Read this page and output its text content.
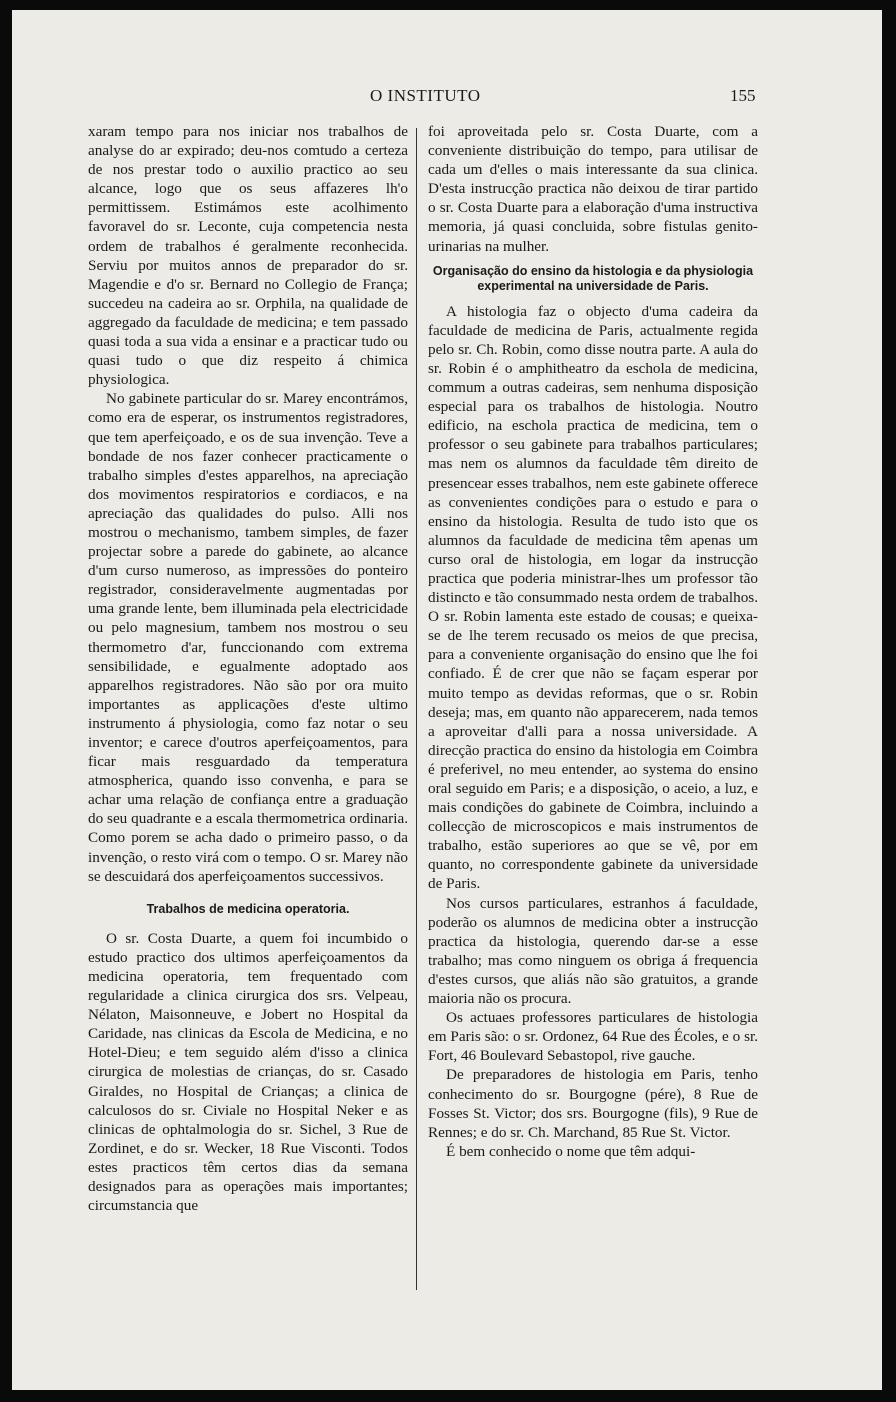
O INSTITUTO	155

xaram tempo para nos iniciar nos trabalhos de analyse do ar expirado; deu-nos comtudo a certeza de nos prestar todo o auxilio practico ao seu alcance, logo que os seus affazeres lh'o permittissem. Estimámos este acolhimento favoravel do sr. Leconte, cuja competencia nesta ordem de trabalhos é geralmente reconhecida. Serviu por muitos annos de preparador do sr. Magendie e d'o sr. Bernard no Collegio de França; succedeu na cadeira ao sr. Orphila, na qualidade de aggregado da faculdade de medicina; e tem passado quasi toda a sua vida a ensinar e a practicar tudo ou quasi tudo o que diz respeito á chimica physiologica.

No gabinete particular do sr. Marey encontrámos, como era de esperar, os instrumentos registradores, que tem aperfeiçoado, e os de sua invenção. Teve a bondade de nos fazer conhecer practicamente o trabalho simples d'estes apparelhos, na apreciação dos movimentos respiratorios e cordiacos, e na apreciação das qualidades do pulso. Alli nos mostrou o mechanismo, tambem simples, de fazer projectar sobre a parede do gabinete, ao alcance d'um curso numeroso, as impressões do ponteiro registrador, consideravelmente augmentadas por uma grande lente, bem illuminada pela electricidade ou pelo magnesium, tambem nos mostrou o seu thermometro d'ar, funccionando com extrema sensibilidade, e egualmente adoptado aos apparelhos registradores. Não são por ora muito importantes as applicações d'este ultimo instrumento á physiologia, como faz notar o seu inventor; e carece d'outros aperfeiçoamentos, para ficar mais resguardado da temperatura atmospherica, quando isso convenha, e para se achar uma relação de confiança entre a graduação do seu quadrante e a escala thermometrica ordinaria. Como porem se acha dado o primeiro passo, o da invenção, o resto virá com o tempo. O sr. Marey não se descuidará dos aperfeiçoamentos successivos.

Trabalhos de medicina operatoria.

O sr. Costa Duarte, a quem foi incumbido o estudo practico dos ultimos aperfeiçoamentos da medicina operatoria, tem frequentado com regularidade a clinica cirurgica dos srs. Velpeau, Nélaton, Maisonneuve, e Jobert no Hospital da Caridade, nas clinicas da Escola de Medicina, e no Hotel-Dieu; e tem seguido além d'isso a clinica cirurgica de molestias de crianças, do sr. Casado Giraldes, no Hospital de Crianças; a clinica de calculosos do sr. Civiale no Hospital Neker e as clinicas de ophtalmologia do sr. Sichel, 3 Rue de Zordinet, e do sr. Wecker, 18 Rue Visconti. Todos estes practicos têm certos dias da semana designados para as operações mais importantes; circumstancia que

foi aproveitada pelo sr. Costa Duarte, com a conveniente distribuição do tempo, para utilisar de cada um d'elles o mais interessante da sua clinica. D'esta instrucção practica não deixou de tirar partido o sr. Costa Duarte para a elaboração d'uma instructiva memoria, já quasi concluida, sobre fistulas genito-urinarias na mulher.

Organisação do ensino da histologia e da physiologia experimental na universidade de Paris.

A histologia faz o objecto d'uma cadeira da faculdade de medicina de Paris, actualmente regida pelo sr. Ch. Robin, como disse noutra parte. A aula do sr. Robin é o amphitheatro da eschola de medicina, commum a outras cadeiras, sem nenhuma disposição especial para os trabalhos de histologia. Noutro edificio, na eschola practica de medicina, tem o professor o seu gabinete para trabalhos particulares; mas nem os alumnos da faculdade têm direito de presencear esses trabalhos, nem este gabinete offerece as convenientes condições para o estudo e para o ensino da histologia. Resulta de tudo isto que os alumnos da faculdade de medicina têm apenas um curso oral de histologia, em logar da instrucção practica que poderia ministrar-lhes um professor tão distincto e tão consummado nesta ordem de trabalhos. O sr. Robin lamenta este estado de cousas; e queixa-se de lhe terem recusado os meios de que precisa, para a conveniente organisação do ensino que lhe foi confiado. É de crer que não se façam esperar por muito tempo as devidas reformas, que o sr. Robin deseja; mas, em quanto não apparecerem, nada temos a aproveitar d'alli para a nossa universidade. A direcção practica do ensino da histologia em Coimbra é preferivel, no meu entender, ao systema do ensino oral seguido em Paris; e a disposição, o aceio, a luz, e mais condições do gabinete de Coimbra, incluindo a collecção de microscopicos e mais instrumentos de trabalho, estão superiores ao que se vê, por em quanto, no correspondente gabinete da universidade de Paris.

Nos cursos particulares, estranhos á faculdade, poderão os alumnos de medicina obter a instrucção practica da histologia, querendo dar-se a esse trabalho; mas como ninguem os obriga á frequencia d'estes cursos, que aliás não são gratuitos, a grande maioria não os procura.

Os actuaes professores particulares de histologia em Paris são: o sr. Ordonez, 64 Rue des Écoles, e o sr. Fort, 46 Boulevard Sebastopol, rive gauche.

De preparadores de histologia em Paris, tenho conhecimento do sr. Bourgogne (pére), 8 Rue de Fosses St. Victor; dos srs. Bourgogne (fils), 9 Rue de Rennes; e do sr. Ch. Marchand, 85 Rue St. Victor.

É bem conhecido o nome que têm adqui-
